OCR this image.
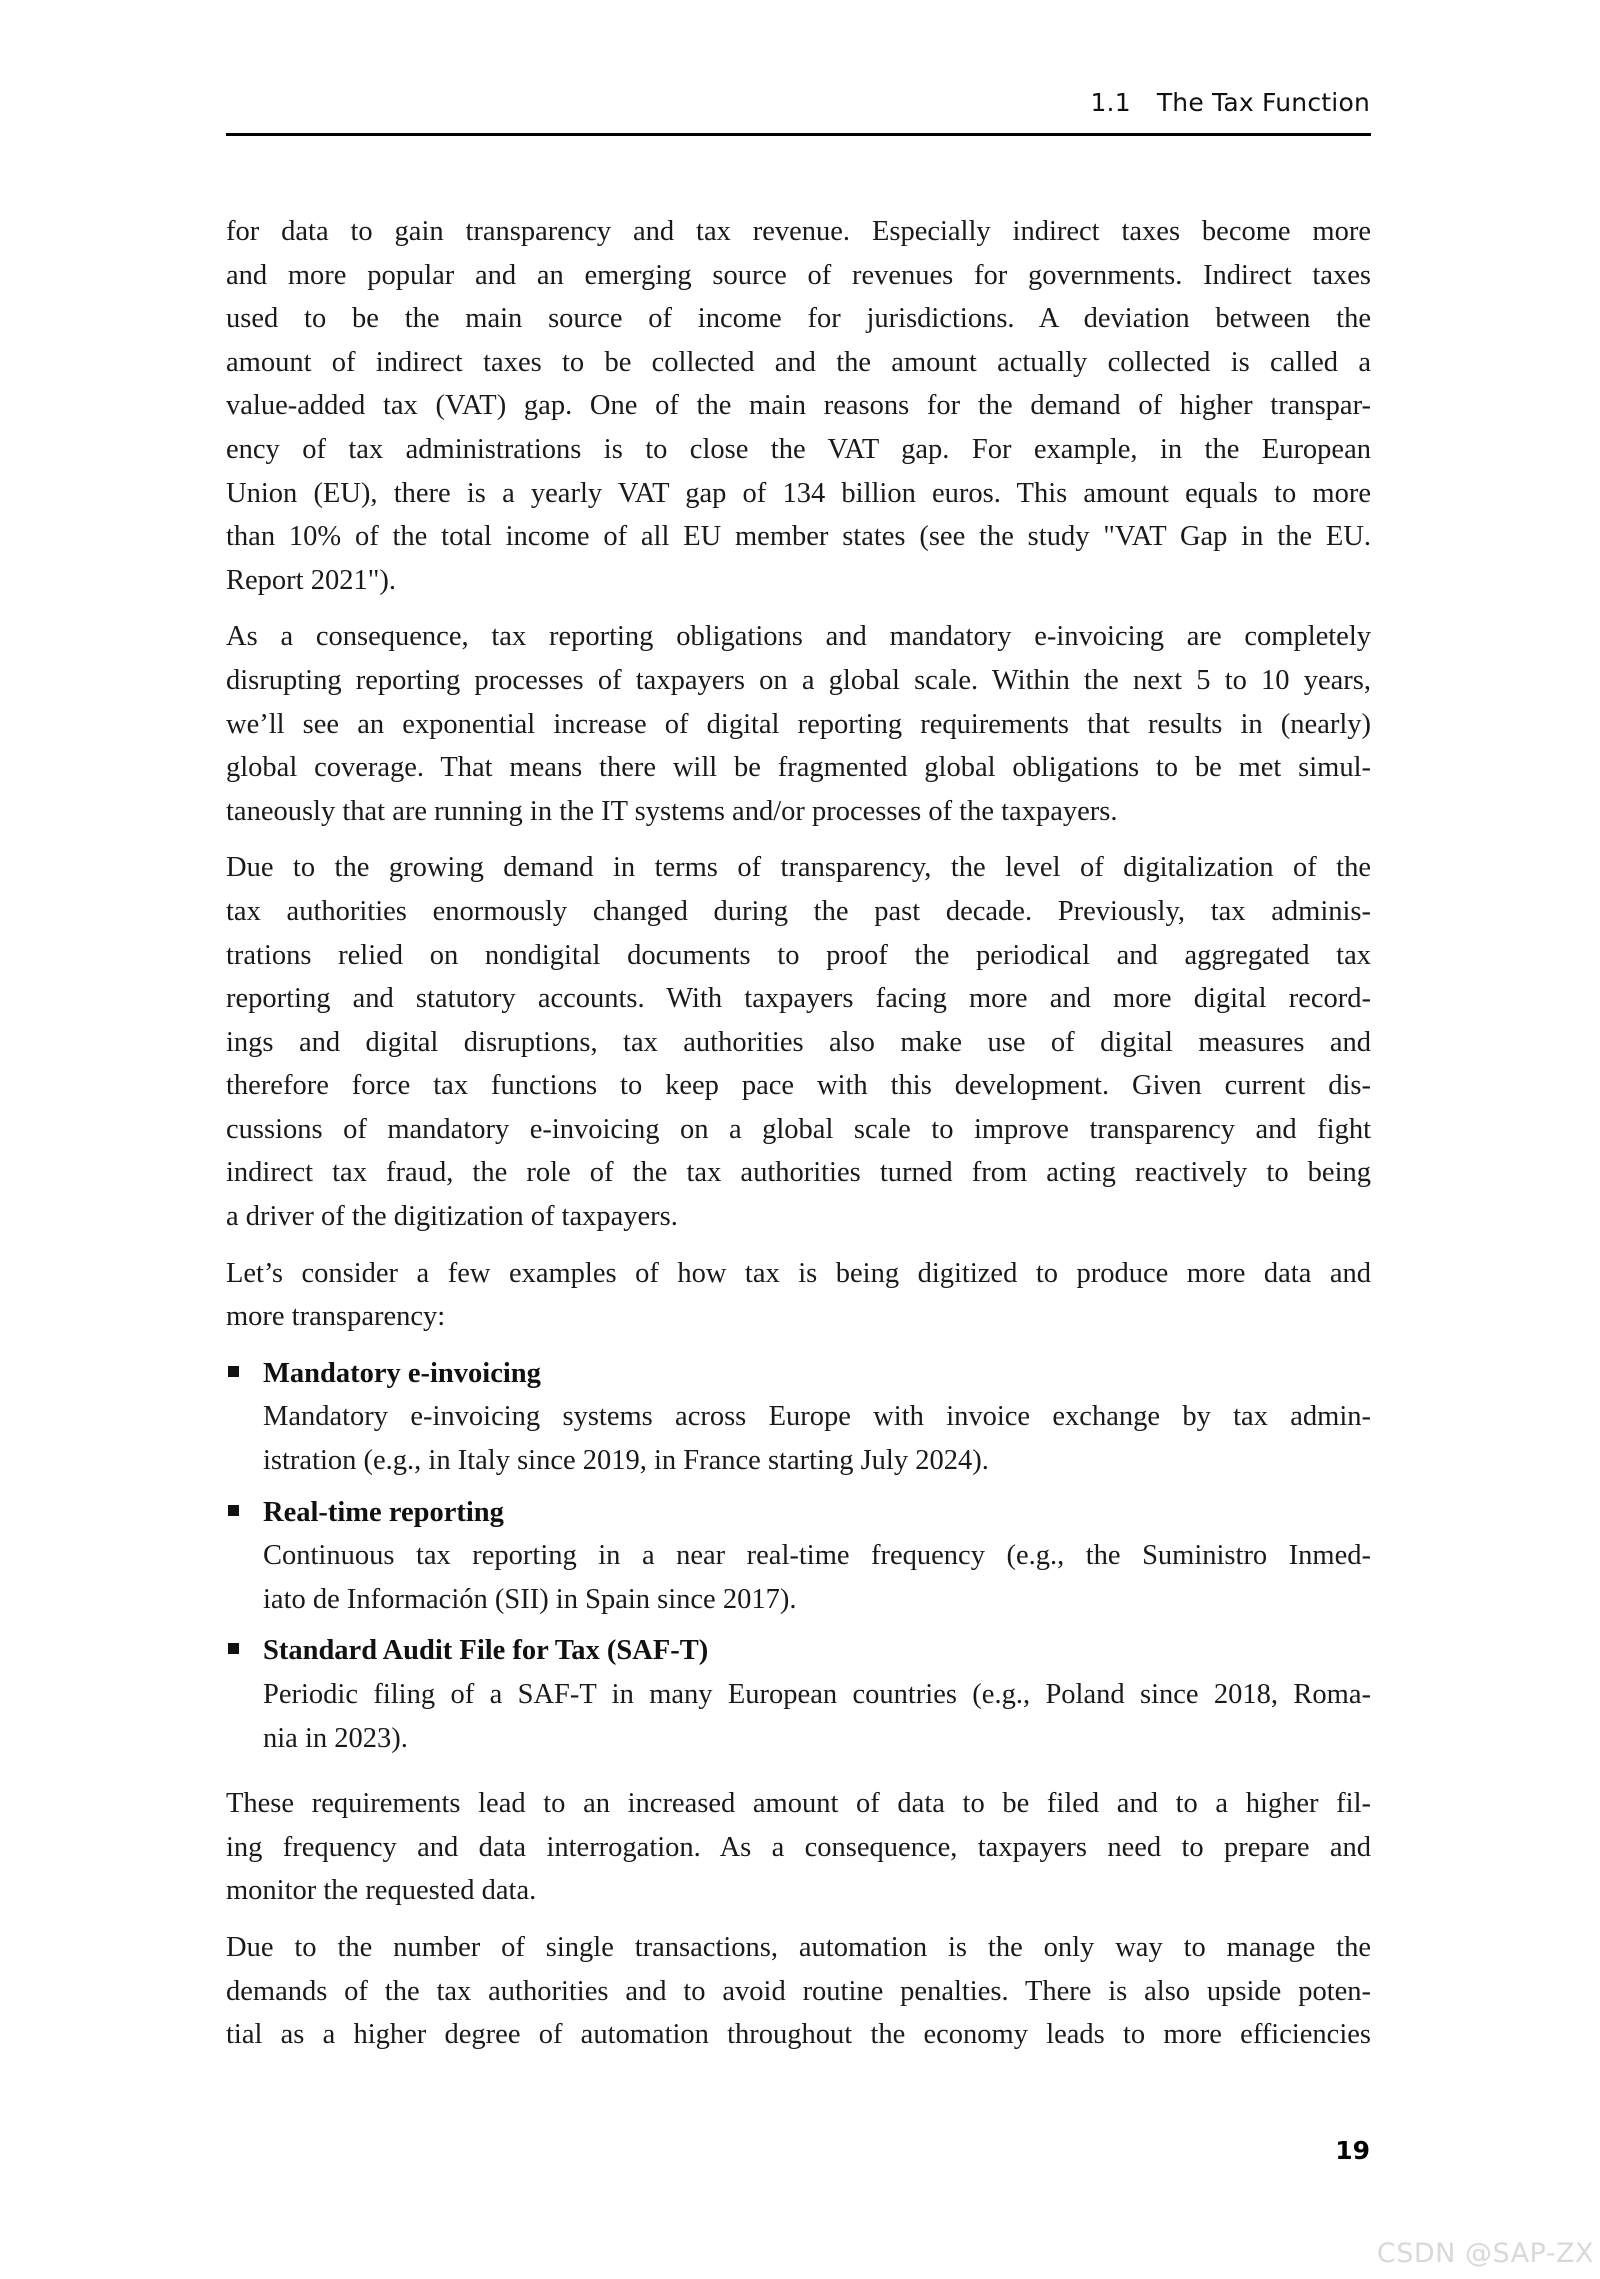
1.1 The Tax Function
for data to gain transparency and tax revenue. Especially indirect taxes become more
and more popular and an emerging source of revenues for governments. Indirect taxes
used to be the main source of income for jurisdictions. A deviation between the
amount of indirect taxes to be collected and the amount actually collected is called a
value-added tax (VAT) gap. One of the main reasons for the demand of higher transpar-
ency of tax administrations is to close the VAT gap. For example, in the European
Union (EU), there is a yearly VAT gap of 134 billion euros. This amount equals to more
than 10% of the total income of all EU member states (see the study "VAT Gap in the EU.
Report 2021").
As a consequence, tax reporting obligations and mandatory e-invoicing are completely
disrupting reporting processes of taxpayers on a global scale. Within the next 5 to 10 years,
we’ll see an exponential increase of digital reporting requirements that results in (nearly)
global coverage. That means there will be fragmented global obligations to be met simul-
taneously that are running in the IT systems and/or processes of the taxpayers.
Due to the growing demand in terms of transparency, the level of digitalization of the
tax authorities enormously changed during the past decade. Previously, tax adminis-
trations relied on nondigital documents to proof the periodical and aggregated tax
reporting and statutory accounts. With taxpayers facing more and more digital record-
ings and digital disruptions, tax authorities also make use of digital measures and
therefore force tax functions to keep pace with this development. Given current dis-
cussions of mandatory e-invoicing on a global scale to improve transparency and fight
indirect tax fraud, the role of the tax authorities turned from acting reactively to being
a driver of the digitization of taxpayers.
Let’s consider a few examples of how tax is being digitized to produce more data and
more transparency:
Mandatory e-invoicing
Mandatory e-invoicing systems across Europe with invoice exchange by tax admin-
istration (e.g., in Italy since 2019, in France starting July 2024).
Real-time reporting
Continuous tax reporting in a near real-time frequency (e.g., the Suministro Inmed-
iato de Información (SII) in Spain since 2017).
Standard Audit File for Tax (SAF-T)
Periodic filing of a SAF-T in many European countries (e.g., Poland since 2018, Roma-
nia in 2023).
These requirements lead to an increased amount of data to be filed and to a higher fil-
ing frequency and data interrogation. As a consequence, taxpayers need to prepare and
monitor the requested data.
Due to the number of single transactions, automation is the only way to manage the
demands of the tax authorities and to avoid routine penalties. There is also upside poten-
tial as a higher degree of automation throughout the economy leads to more efficiencies
19
CSDN @SAP-ZX
